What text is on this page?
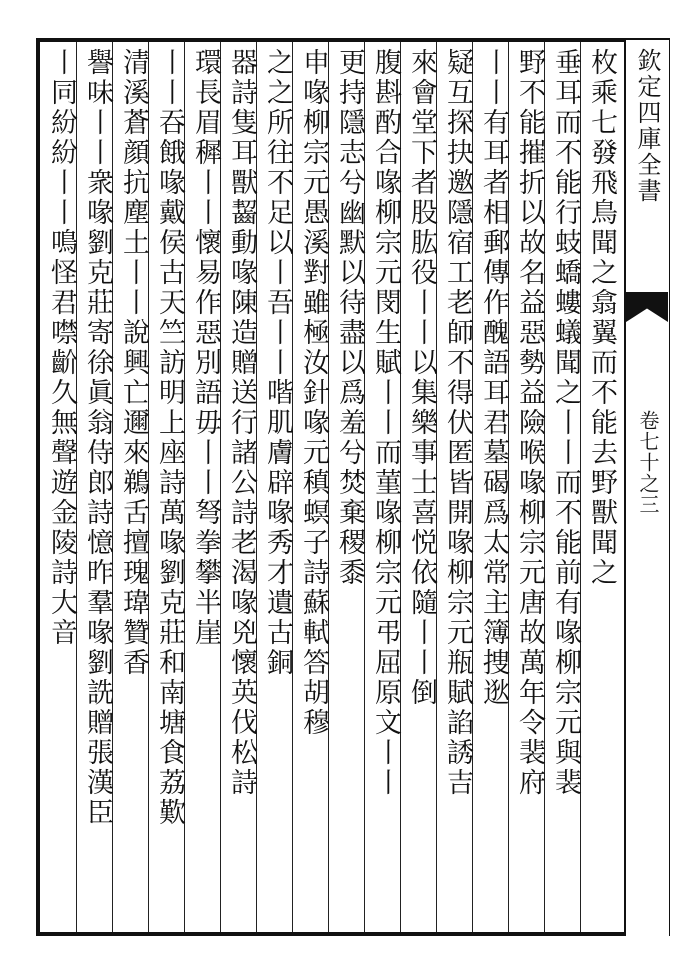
欽定四庫全書
卷七十之三
枚乘七發飛鳥聞之翕翼而不能去野獸聞之
垂耳而不能行蚑蟜螻蟻聞之丨丨而不能前有喙柳宗元與裴
野不能摧折以故名益惡勢益險喉喙柳宗元唐故萬年令裴府
丨丨有耳者相郵傳作醜語耳君墓碣爲太常主簿捜逖
疑互探抉邀隱宿工老師不得伏匿皆開喙柳宗元瓶賦諂誘吉
來會堂下者股肱役丨丨以集樂事士喜悦依隨丨丨倒
腹斟酌合喙柳宗元閔生賦丨丨而菫喙柳宗元弔屈原文丨丨
更持隱志兮幽默以待盡以爲羞兮焚棄稷黍
申喙柳宗元愚溪對雖極汝針喙元稹螟子詩蘇軾答胡穆
之之所往不足以丨吾丨丨喈肌膚辟喙秀才遺古銅
器詩隻耳獸齧動喙陳造贈送行諸公詩老渴喙兇懷英伐松詩
環長眉穉丨丨懷易作惡別語毋丨丨弩拳攀半崖
丨丨吞餓喙戴侯古天竺訪明上座詩萬喙劉克莊和南塘食荔歎
清溪蒼顔抗塵土丨丨說興亡邇來鵜舌擅瑰瑋贊香
譽味丨丨衆喙劉克莊寄徐眞翁侍郎詩憶昨羣喙劉詵贈張漢臣
丨同紛紛丨丨鳴怪君噤齘久無聲遊金陵詩大音
